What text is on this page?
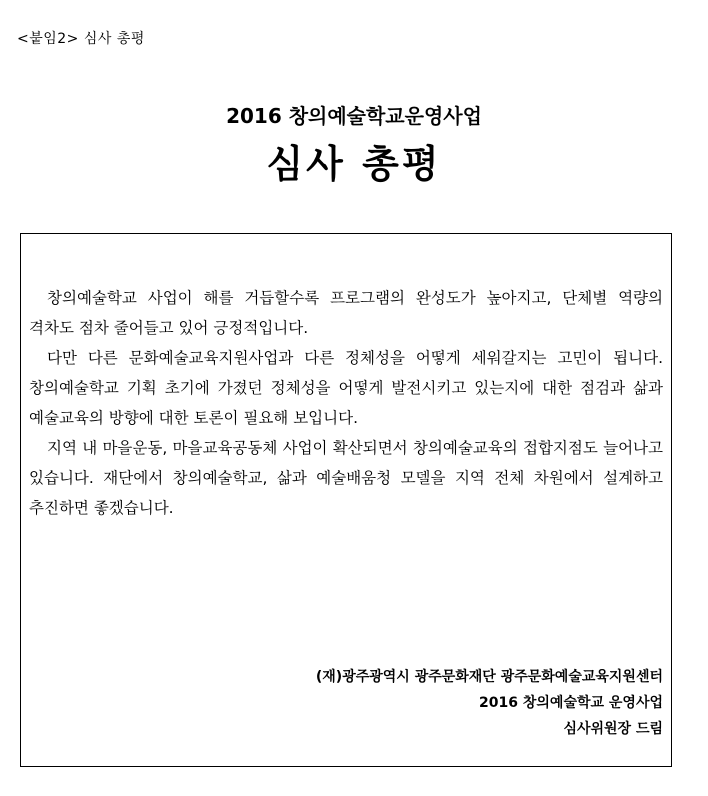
<붙임2> 심사 총평
2016 창의예술학교운영사업
심사 총평

창의예술학교 사업이 해를 거듭할수록 프로그램의 완성도가 높아지고, 단체별 역량의 격차도 점차 줄어들고 있어 긍정적입니다.

다만 다른 문화예술교육지원사업과 다른 정체성을 어떻게 세워갈지는 고민이 됩니다. 창의예술학교 기획 초기에 가졌던 정체성을 어떻게 발전시키고 있는지에 대한 점검과 삶과 예술교육의 방향에 대한 토론이 필요해 보입니다.

지역 내 마을운동, 마을교육공동체 사업이 확산되면서 창의예술교육의 접합지점도 늘어나고 있습니다. 재단에서 창의예술학교, 삶과 예술배움청 모델을 지역 전체 차원에서 설계하고 추진하면 좋겠습니다.

(재)광주광역시 광주문화재단 광주문화예술교육지원센터
2016 창의예술학교 운영사업
심사위원장 드림
